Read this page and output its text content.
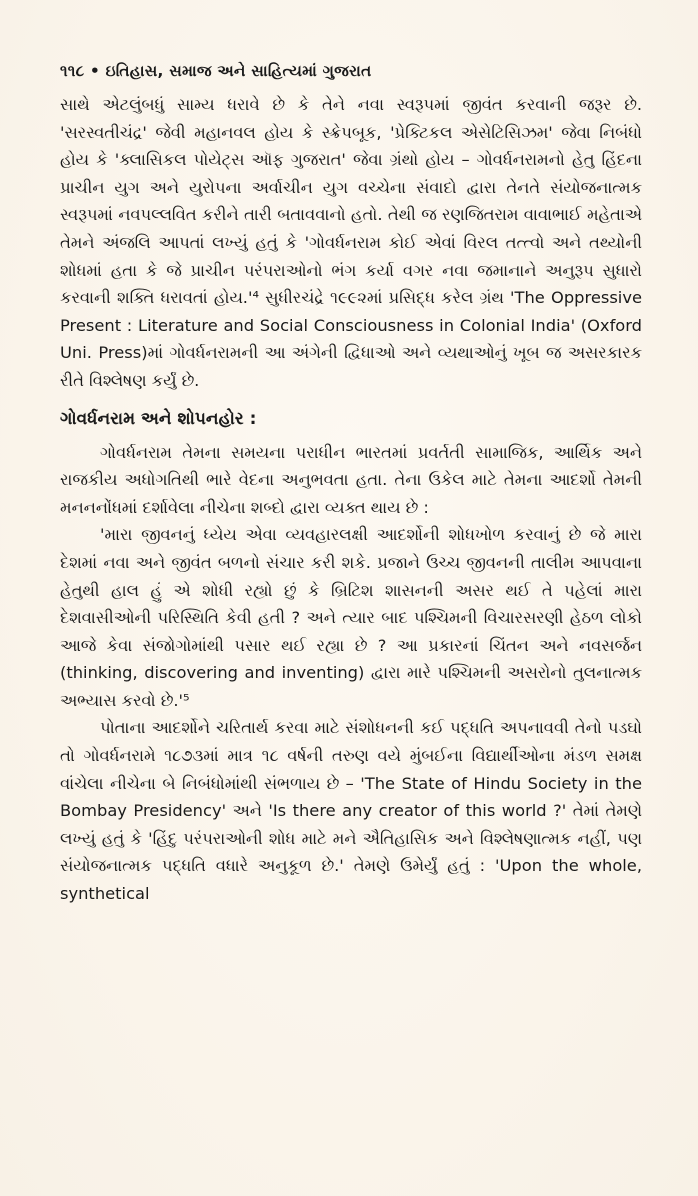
૧૧૮ • ઇતિહાસ, સમાજ અને સાહિત્યમાં ગુજરાત

સાથે એટલુંબધું સામ્ય ધરાવે છે કે તેને નવા સ્વરૂપમાં જીવંત કરવાની જરૂર છે. 'સરસ્વતીચંદ્ર' જેવી મહાનવલ હોય કે સ્ક્રેપબૂક, 'પ્રેક્ટિકલ એસેટિસિઝમ' જેવા નિબંધો હોય કે 'ક્લાસિકલ પોયેટ્સ ઑફ ગુજરાત' જેવા ગ્રંથો હોય – ગોવર્ધનરામનો હેતુ હિંદના પ્રાચીન યુગ અને યુરોપના અર્વાચીન યુગ વચ્ચેના સંવાદો દ્વારા તેનતે સંયોજનાત્મક સ્વરૂપમાં નવપલ્લવિત કરીને તારી બતાવવાનો હતો. તેથી જ રણજિતરામ વાવાભાઈ મહેતાએ તેમને અંજલિ આપતાં લખ્યું હતું કે 'ગોવર્ધનરામ કોઈ એવાં વિરલ તત્ત્વો અને તથ્યોની શોધમાં હતા કે જે પ્રાચીન પરંપરાઓનો ભંગ કર્યા વગર નવા જમાનાને અનુરૂપ સુધારો કરવાની શક્તિ ધરાવતાં હોય.'⁴ સુધીરચંદ્રે ૧૯૯૨માં પ્રસિદ્ધ કરેલ ગ્રંથ 'The Oppressive Present : Literature and Social Consciousness in Colonial India' (Oxford Uni. Press)માં ગોવર્ધનરામની આ અંગેની દ્વિધાઓ અને વ્યથાઓનું ખૂબ જ અસરકારક રીતે વિશ્લેષણ કર્યું છે.

ગોવર્ધનરામ અને શોપનહોર :

ગોવર્ધનરામ તેમના સમયના પરાધીન ભારતમાં પ્રવર્તતી સામાજિક, આર્થિક અને રાજકીય અધોગતિથી ભારે વેદના અનુભવતા હતા. તેના ઉકેલ માટે તેમના આદર્શો તેમની મનનનોંધમાં દર્શાવેલા નીચેના શબ્દો દ્વારા વ્યક્ત થાય છે :

'મારા જીવનનું ધ્યેય એવા વ્યવહારલક્ષી આદર્શોની શોધખોળ કરવાનું છે જે મારા દેશમાં નવા અને જીવંત બળનો સંચાર કરી શકે. પ્રજાને ઉચ્ચ જીવનની તાલીમ આપવાના હેતુથી હાલ હું એ શોધી રહ્યો છું કે બ્રિટિશ શાસનની અસર થઈ તે પહેલાં મારા દેશવાસીઓની પરિસ્થિતિ કેવી હતી ? અને ત્યાર બાદ પશ્ચિમની વિચારસરણી હેઠળ લોકો આજે કેવા સંજોગોમાંથી પસાર થઈ રહ્યા છે ? આ પ્રકારનાં ચિંતન અને નવસર્જન (thinking, discovering and inventing) દ્વારા મારે પશ્ચિમની અસરોનો તુલનાત્મક અભ્યાસ કરવો છે.'⁵

પોતાના આદર્શોને ચરિતાર્થ કરવા માટે સંશોધનની કઈ પદ્ધતિ અપનાવવી તેનો પડઘો તો ગોવર્ધનરામે ૧૮૭૩માં માત્ર ૧૮ વર્ષની તરુણ વયે મુંબઈના વિદ્યાર્થીઓના મંડળ સમક્ષ વાંચેલા નીચેના બે નિબંધોમાંથી સંભળાય છે – 'The State of Hindu Society in the Bombay Presidency' અને 'Is there any creator of this world ?' તેમાં તેમણે લખ્યું હતું કે 'હિંદુ પરંપરાઓની શોધ માટે મને ઐતિહાસિક અને વિશ્લેષણાત્મક નહીં, પણ સંયોજનાત્મક પદ્ધતિ વધારે અનુકૂળ છે.' તેમણે ઉમેર્યું હતું : 'Upon the whole, synthetical
